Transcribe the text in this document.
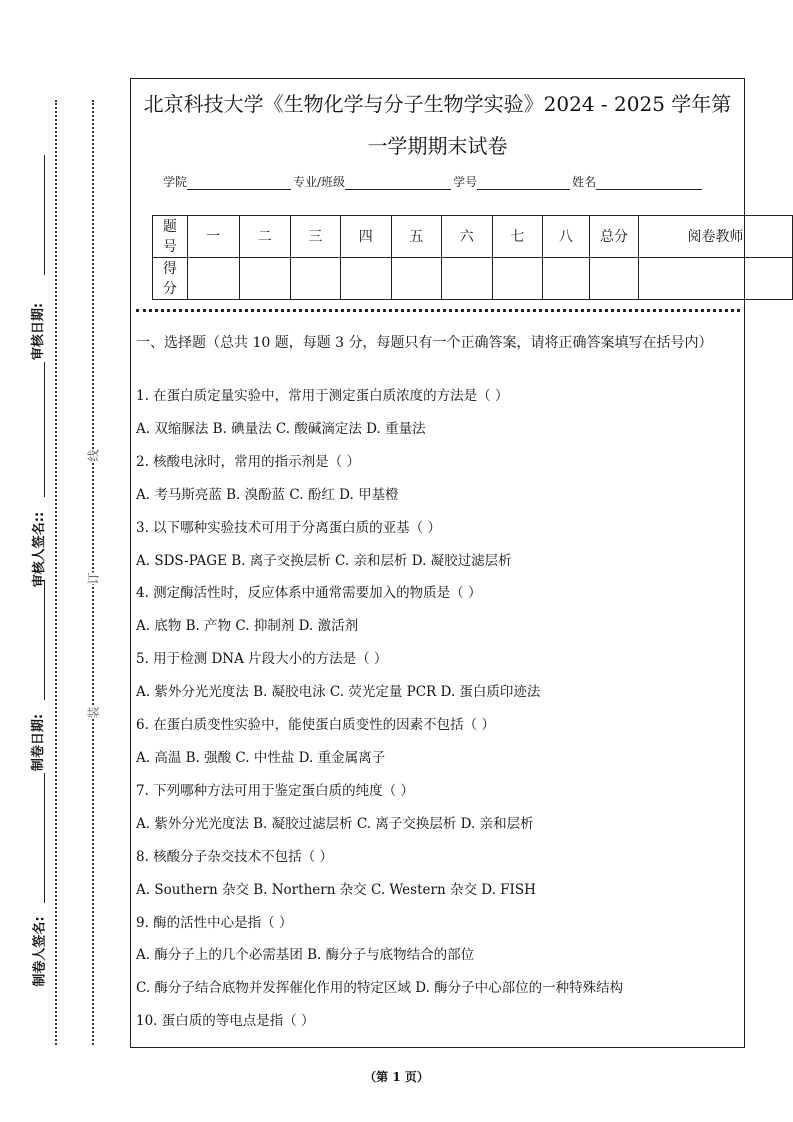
审核日期:
审核人签名::
制卷日期:
制卷人签名:
线
订
装
北京科技大学《生物化学与分子生物学实验》2024 - 2025 学年第
一学期期末试卷
学院	专业/班级	学号	姓名
题号	一	二	三	四	五	六	七	八	总分	阅卷教师
得分										
一、选择题（总共 10 题，每题 3 分，每题只有一个正确答案，请将正确答案填写在括号内）
1. 在蛋白质定量实验中，常用于测定蛋白质浓度的方法是（ ）
A. 双缩脲法 B. 碘量法 C. 酸碱滴定法 D. 重量法
2. 核酸电泳时，常用的指示剂是（ ）
A. 考马斯亮蓝 B. 溴酚蓝 C. 酚红 D. 甲基橙
3. 以下哪种实验技术可用于分离蛋白质的亚基（ ）
A. SDS-PAGE B. 离子交换层析 C. 亲和层析 D. 凝胶过滤层析
4. 测定酶活性时，反应体系中通常需要加入的物质是（ ）
A. 底物 B. 产物 C. 抑制剂 D. 激活剂
5. 用于检测 DNA 片段大小的方法是（ ）
A. 紫外分光光度法 B. 凝胶电泳 C. 荧光定量 PCR D. 蛋白质印迹法
6. 在蛋白质变性实验中，能使蛋白质变性的因素不包括（ ）
A. 高温 B. 强酸 C. 中性盐 D. 重金属离子
7. 下列哪种方法可用于鉴定蛋白质的纯度（ ）
A. 紫外分光光度法 B. 凝胶过滤层析 C. 离子交换层析 D. 亲和层析
8. 核酸分子杂交技术不包括（ ）
A. Southern 杂交 B. Northern 杂交 C. Western 杂交 D. FISH
9. 酶的活性中心是指（ ）
A. 酶分子上的几个必需基团 B. 酶分子与底物结合的部位
C. 酶分子结合底物并发挥催化作用的特定区域 D. 酶分子中心部位的一种特殊结构
10. 蛋白质的等电点是指（ ）
（第 1 页）
